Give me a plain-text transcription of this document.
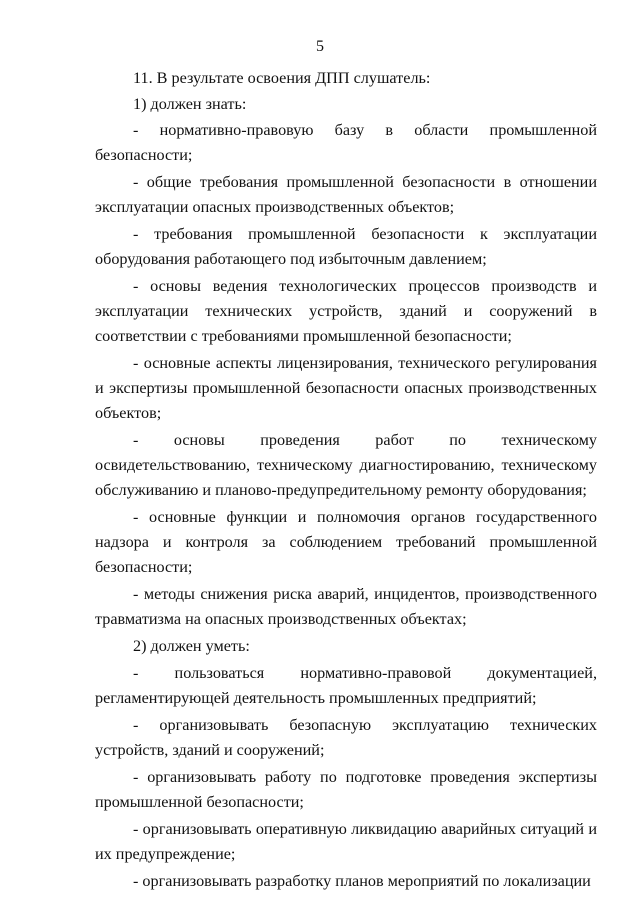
5

11. В результате освоения ДПП слушатель:

1) должен знать:

- нормативно-правовую базу в области промышленной безопасности;

- общие требования промышленной безопасности в отношении эксплуатации опасных производственных объектов;

- требования промышленной безопасности к эксплуатации оборудования работающего под избыточным давлением;

- основы ведения технологических процессов производств и эксплуатации технических устройств, зданий и сооружений в соответствии с требованиями промышленной безопасности;

- основные аспекты лицензирования, технического регулирования и экспертизы промышленной безопасности опасных производственных объектов;

- основы проведения работ по техническому освидетельствованию, техническому диагностированию, техническому обслуживанию и планово-предупредительному ремонту оборудования;

- основные функции и полномочия органов государственного надзора и контроля за соблюдением требований промышленной безопасности;

- методы снижения риска аварий, инцидентов, производственного травматизма на опасных производственных объектах;

2) должен уметь:

- пользоваться нормативно-правовой документацией, регламентирующей деятельность промышленных предприятий;

- организовывать безопасную эксплуатацию технических устройств, зданий и сооружений;

- организовывать работу по подготовке проведения экспертизы промышленной безопасности;

- организовывать оперативную ликвидацию аварийных ситуаций и их предупреждение;

- организовывать разработку планов мероприятий по локализации
